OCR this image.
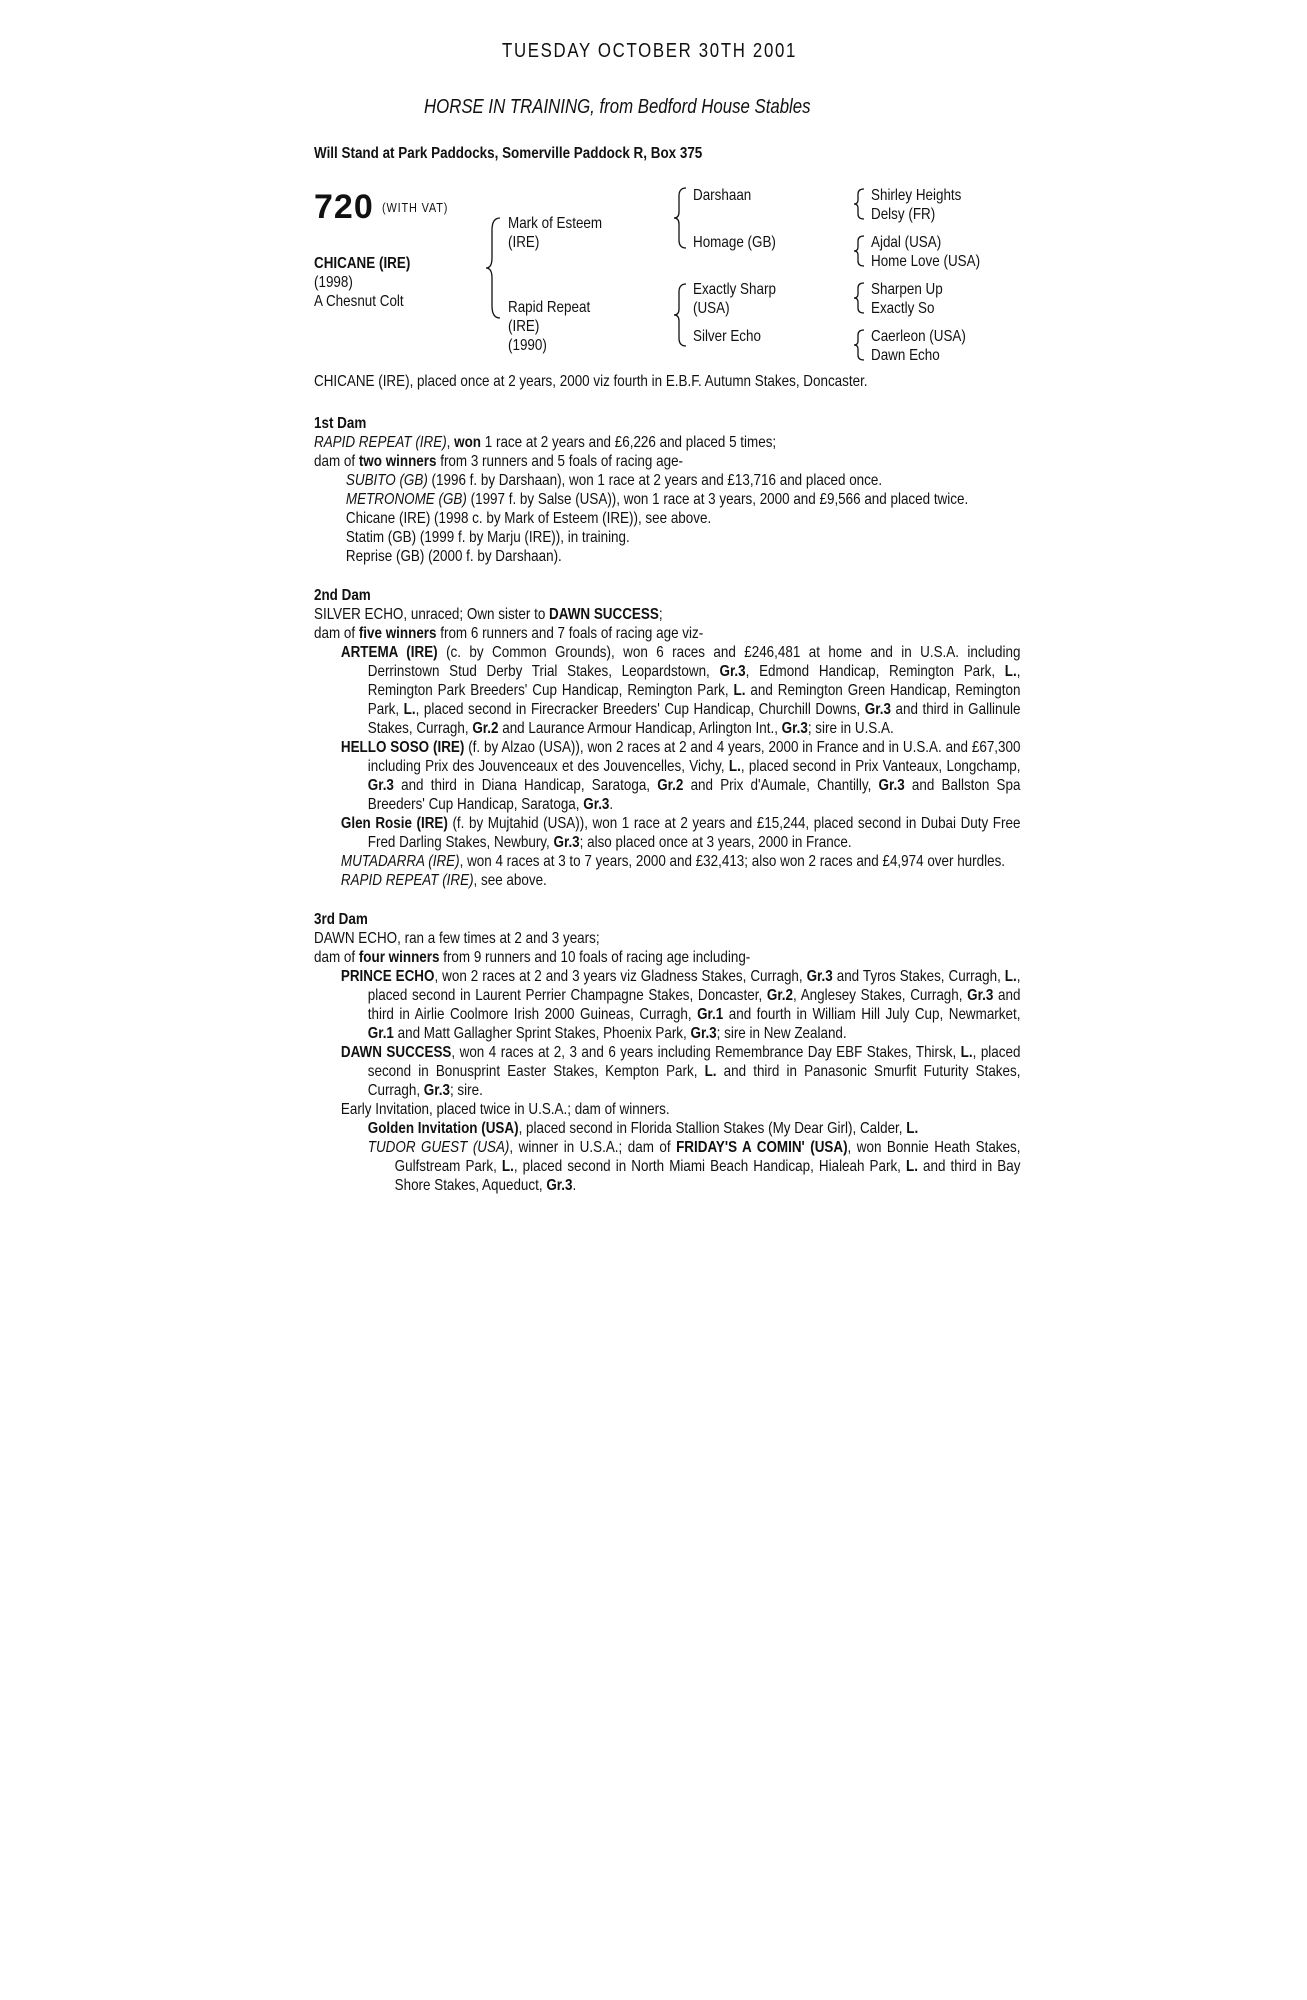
TUESDAY OCTOBER 30TH 2001
HORSE IN TRAINING, from Bedford House Stables
Will Stand at Park Paddocks, Somerville Paddock R, Box 375
720 (WITH VAT)
CHICANE (IRE)
(1998)
A Chesnut Colt
Mark of Esteem
(IRE)
Rapid Repeat
(IRE)
(1990)
Darshaan
Homage (GB)
Exactly Sharp
(USA)
Silver Echo
Shirley Heights
Delsy (FR)
Ajdal (USA)
Home Love (USA)
Sharpen Up
Exactly So
Caerleon (USA)
Dawn Echo
CHICANE (IRE), placed once at 2 years, 2000 viz fourth in E.B.F. Autumn Stakes, Doncaster.
1st Dam
RAPID REPEAT (IRE), won 1 race at 2 years and £6,226 and placed 5 times;
dam of two winners from 3 runners and 5 foals of racing age-
SUBITO (GB) (1996 f. by Darshaan), won 1 race at 2 years and £13,716 and placed once.
METRONOME (GB) (1997 f. by Salse (USA)), won 1 race at 3 years, 2000 and £9,566 and placed twice.
Chicane (IRE) (1998 c. by Mark of Esteem (IRE)), see above.
Statim (GB) (1999 f. by Marju (IRE)), in training.
Reprise (GB) (2000 f. by Darshaan).
2nd Dam
SILVER ECHO, unraced; Own sister to DAWN SUCCESS;
dam of five winners from 6 runners and 7 foals of racing age viz-
ARTEMA (IRE) (c. by Common Grounds), won 6 races and £246,481 at home and in U.S.A. including Derrinstown Stud Derby Trial Stakes, Leopardstown, Gr.3, Edmond Handicap, Remington Park, L., Remington Park Breeders' Cup Handicap, Remington Park, L. and Remington Green Handicap, Remington Park, L., placed second in Firecracker Breeders' Cup Handicap, Churchill Downs, Gr.3 and third in Gallinule Stakes, Curragh, Gr.2 and Laurance Armour Handicap, Arlington Int., Gr.3; sire in U.S.A.
HELLO SOSO (IRE) (f. by Alzao (USA)), won 2 races at 2 and 4 years, 2000 in France and in U.S.A. and £67,300 including Prix des Jouvenceaux et des Jouvencelles, Vichy, L., placed second in Prix Vanteaux, Longchamp, Gr.3 and third in Diana Handicap, Saratoga, Gr.2 and Prix d'Aumale, Chantilly, Gr.3 and Ballston Spa Breeders' Cup Handicap, Saratoga, Gr.3.
Glen Rosie (IRE) (f. by Mujtahid (USA)), won 1 race at 2 years and £15,244, placed second in Dubai Duty Free Fred Darling Stakes, Newbury, Gr.3; also placed once at 3 years, 2000 in France.
MUTADARRA (IRE), won 4 races at 3 to 7 years, 2000 and £32,413; also won 2 races and £4,974 over hurdles.
RAPID REPEAT (IRE), see above.
3rd Dam
DAWN ECHO, ran a few times at 2 and 3 years;
dam of four winners from 9 runners and 10 foals of racing age including-
PRINCE ECHO, won 2 races at 2 and 3 years viz Gladness Stakes, Curragh, Gr.3 and Tyros Stakes, Curragh, L., placed second in Laurent Perrier Champagne Stakes, Doncaster, Gr.2, Anglesey Stakes, Curragh, Gr.3 and third in Airlie Coolmore Irish 2000 Guineas, Curragh, Gr.1 and fourth in William Hill July Cup, Newmarket, Gr.1 and Matt Gallagher Sprint Stakes, Phoenix Park, Gr.3; sire in New Zealand.
DAWN SUCCESS, won 4 races at 2, 3 and 6 years including Remembrance Day EBF Stakes, Thirsk, L., placed second in Bonusprint Easter Stakes, Kempton Park, L. and third in Panasonic Smurfit Futurity Stakes, Curragh, Gr.3; sire.
Early Invitation, placed twice in U.S.A.; dam of winners.
Golden Invitation (USA), placed second in Florida Stallion Stakes (My Dear Girl), Calder, L.
TUDOR GUEST (USA), winner in U.S.A.; dam of FRIDAY'S A COMIN' (USA), won Bonnie Heath Stakes, Gulfstream Park, L., placed second in North Miami Beach Handicap, Hialeah Park, L. and third in Bay Shore Stakes, Aqueduct, Gr.3.
